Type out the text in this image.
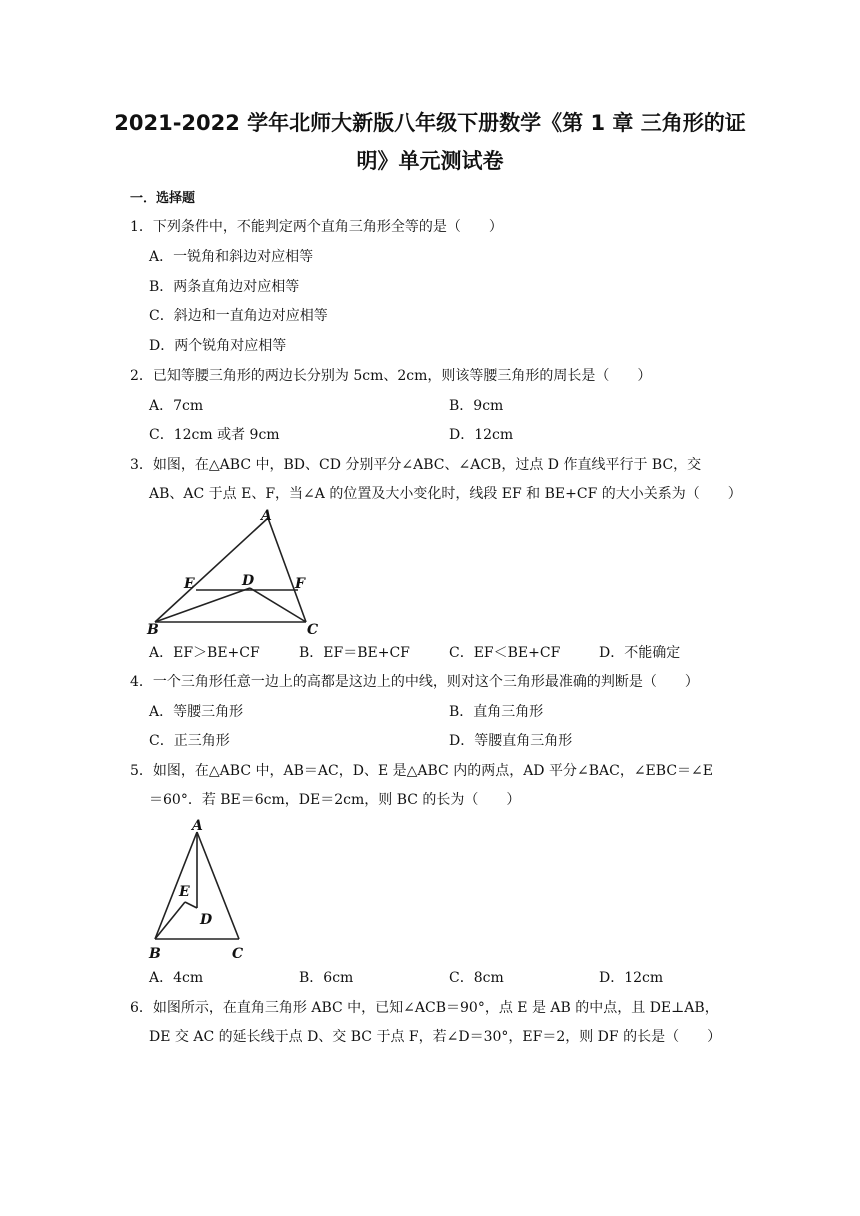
2021-2022 学年北师大新版八年级下册数学《第 1 章 三角形的证
明》单元测试卷
一．选择题
1．下列条件中，不能判定两个直角三角形全等的是（　　）
A．一锐角和斜边对应相等
B．两条直角边对应相等
C．斜边和一直角边对应相等
D．两个锐角对应相等
2．已知等腰三角形的两边长分别为 5cm、2cm，则该等腰三角形的周长是（　　）
A．7cm	B．9cm
C．12cm 或者 9cm	D．12cm
3．如图，在△ABC 中，BD、CD 分别平分∠ABC、∠ACB，过点 D 作直线平行于 BC，交
AB、AC 于点 E、F，当∠A 的位置及大小变化时，线段 EF 和 BE+CF 的大小关系为（　　）
A
E	D	F
B	C
A．EF＞BE+CF	B．EF＝BE+CF	C．EF＜BE+CF	D．不能确定
4．一个三角形任意一边上的高都是这边上的中线，则对这个三角形最准确的判断是（　　）
A．等腰三角形	B．直角三角形
C．正三角形	D．等腰直角三角形
5．如图，在△ABC 中，AB＝AC，D、E 是△ABC 内的两点，AD 平分∠BAC，∠EBC＝∠E
＝60°．若 BE＝6cm，DE＝2cm，则 BC 的长为（　　）
A
E
D
B	C
A．4cm	B．6cm	C．8cm	D．12cm
6．如图所示，在直角三角形 ABC 中，已知∠ACB＝90°，点 E 是 AB 的中点，且 DE⊥AB，
DE 交 AC 的延长线于点 D、交 BC 于点 F，若∠D＝30°，EF＝2，则 DF 的长是（　　）
